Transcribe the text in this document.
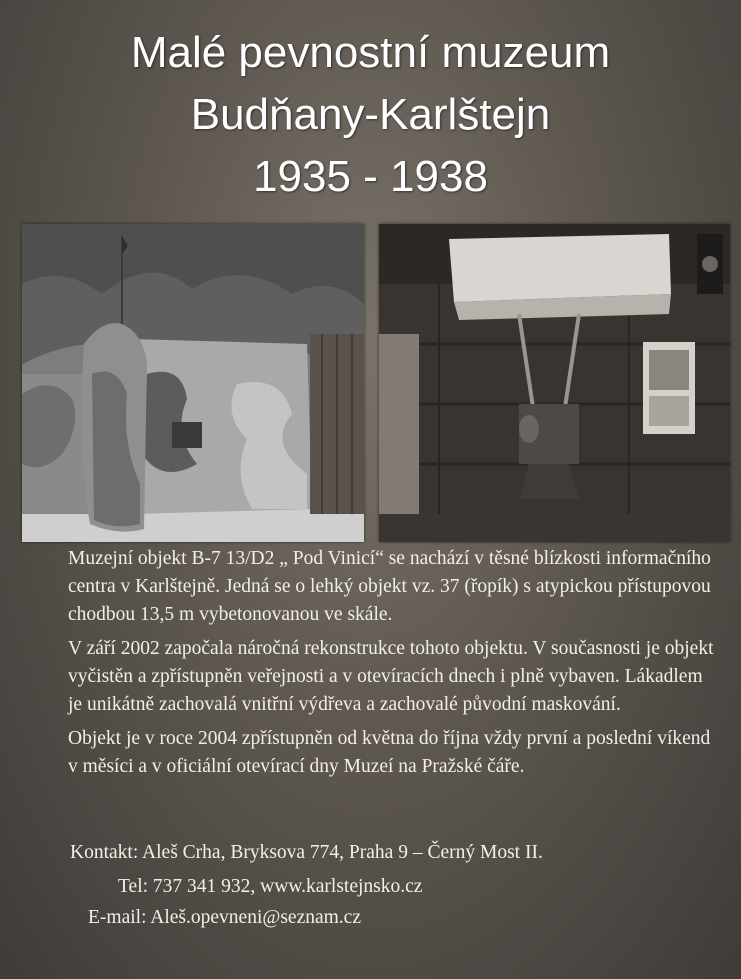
Malé pevnostní muzeum
Budňany-Karlštejn
1935 - 1938

Muzejní objekt B-7 13/D2 „ Pod Vinicí“ se nachází v těsné blízkosti informačního centra v Karlštejně. Jedná se o lehký objekt vz. 37 (řopík) s atypickou přístupovou chodbou 13,5 m vybetonovanou ve skále.

V září 2002 započala náročná rekonstrukce tohoto objektu. V současnosti je objekt vyčistěn a zpřístupněn veřejnosti a v otevíracích dnech i plně vybaven. Lákadlem je unikátně zachovalá vnitřní výdřeva a zachovalé původní maskování.

Objekt je v roce 2004 zpřístupněn od května do října vždy první a poslední víkend v měsíci a v oficiální otevírací dny Muzeí na Pražské čáře.

Kontakt: Aleš Crha, Bryksova 774, Praha 9 – Černý Most II.
Tel: 737 341 932, www.karlstejnsko.cz
E-mail: Aleš.opevneni@seznam.cz
